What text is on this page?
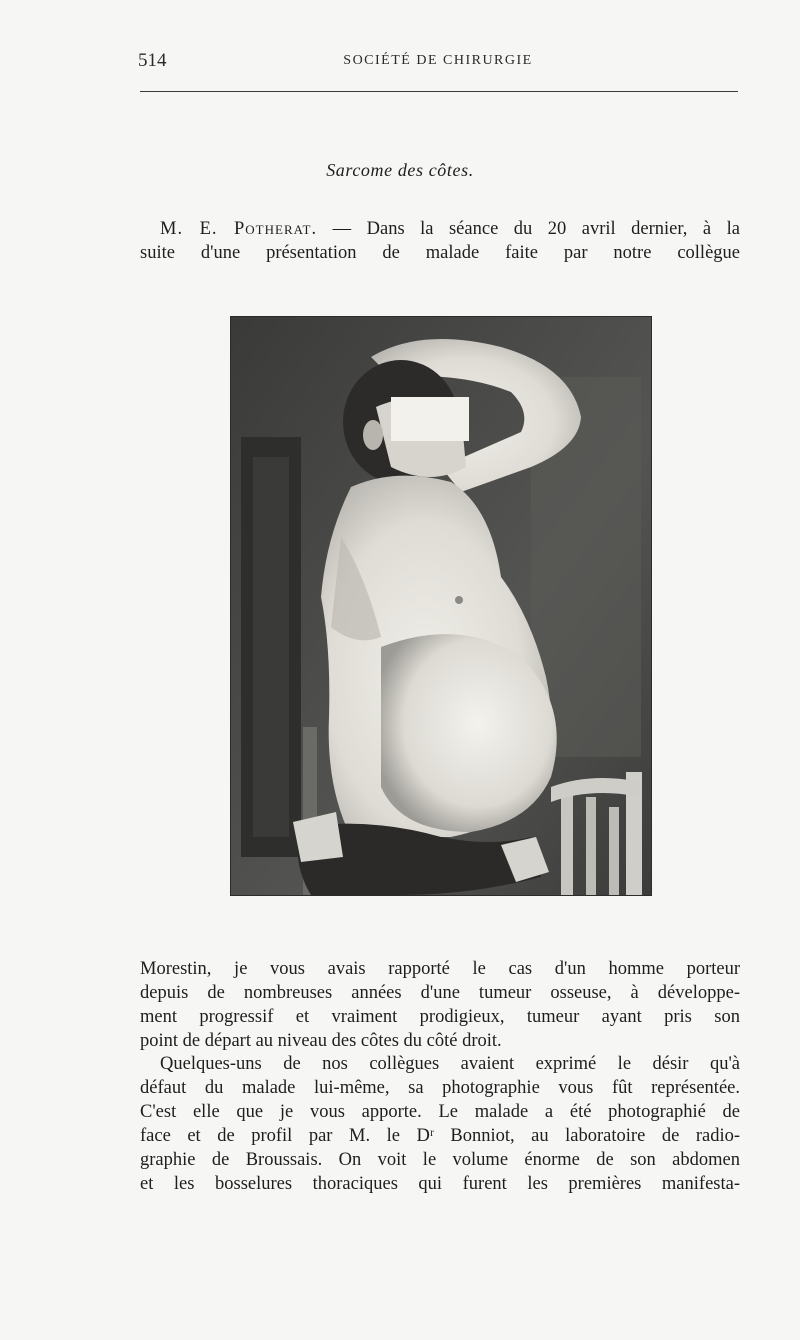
514	SOCIÉTÉ DE CHIRURGIE
Sarcome des côtes.
M. E. Potherat. — Dans la séance du 20 avril dernier, à la
suite d'une présentation de malade faite par notre collègue
Morestin, je vous avais rapporté le cas d'un homme porteur
depuis de nombreuses années d'une tumeur osseuse, à développe-
ment progressif et vraiment prodigieux, tumeur ayant pris son
point de départ au niveau des côtes du côté droit.
Quelques-uns de nos collègues avaient exprimé le désir qu'à
défaut du malade lui-même, sa photographie vous fût représentée.
C'est elle que je vous apporte. Le malade a été photographié de
face et de profil par M. le Dʳ Bonniot, au laboratoire de radio-
graphie de Broussais. On voit le volume énorme de son abdomen
et les bosselures thoraciques qui furent les premières manifesta-
